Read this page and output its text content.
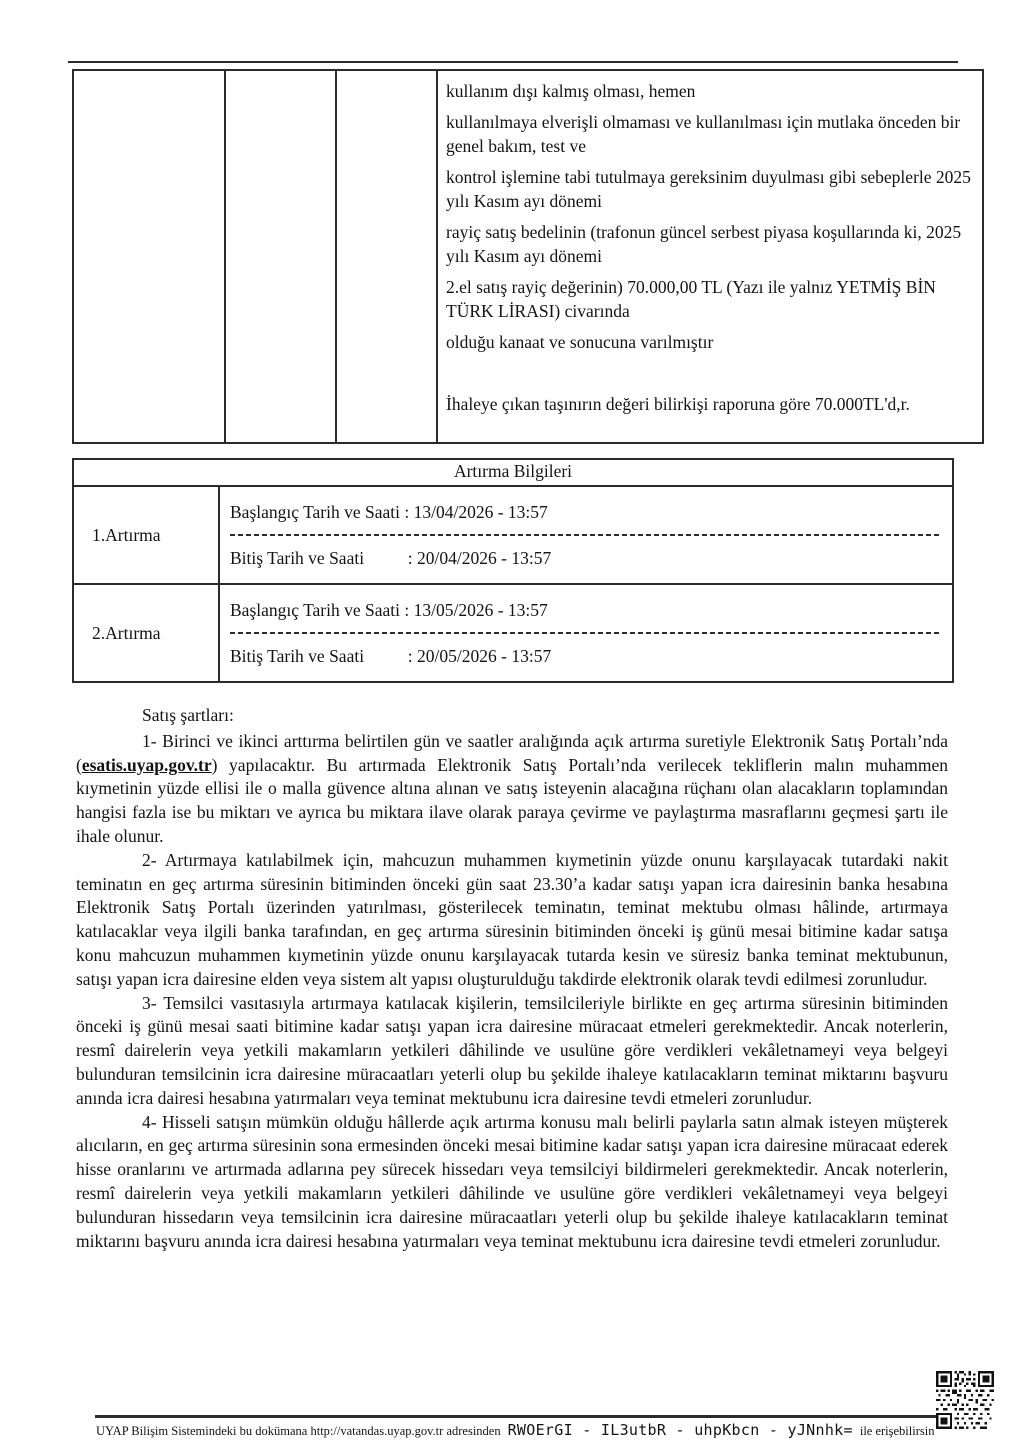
kullanım dışı kalmış olması, hemen

kullanılmaya elverişli olmaması ve kullanılması için mutlaka önceden bir genel bakım, test ve

kontrol işlemine tabi tutulmaya gereksinim duyulması gibi sebeplerle 2025 yılı Kasım ayı dönemi

rayiç satış bedelinin (trafonun güncel serbest piyasa koşullarında ki, 2025 yılı Kasım ayı dönemi

2.el satış rayiç değerinin) 70.000,00 TL (Yazı ile yalnız YETMİŞ BİN TÜRK LİRASI) civarında

olduğu kanaat ve sonucuna varılmıştır

İhaleye çıkan taşınırın değeri bilirkişi raporuna göre 70.000TL'd,r.

Artırma Bilgileri
1.Artırma
Başlangıç Tarih ve Saati : 13/04/2026 - 13:57
Bitiş Tarih ve Saati          : 20/04/2026 - 13:57
2.Artırma
Başlangıç Tarih ve Saati : 13/05/2026 - 13:57
Bitiş Tarih ve Saati          : 20/05/2026 - 13:57

Satış şartları:

1- Birinci ve ikinci arttırma belirtilen gün ve saatler aralığında açık artırma suretiyle Elektronik Satış Portalı’nda (esatis.uyap.gov.tr) yapılacaktır. Bu artırmada Elektronik Satış Portalı’nda verilecek tekliflerin malın muhammen kıymetinin yüzde ellisi ile o malla güvence altına alınan ve satış isteyenin alacağına rüçhanı olan alacakların toplamından hangisi fazla ise bu miktarı ve ayrıca bu miktara ilave olarak paraya çevirme ve paylaştırma masraflarını geçmesi şartı ile ihale olunur.

2- Artırmaya katılabilmek için, mahcuzun muhammen kıymetinin yüzde onunu karşılayacak tutardaki nakit teminatın en geç artırma süresinin bitiminden önceki gün saat 23.30’a kadar satışı yapan icra dairesinin banka hesabına Elektronik Satış Portalı üzerinden yatırılması, gösterilecek teminatın, teminat mektubu olması hâlinde, artırmaya katılacaklar veya ilgili banka tarafından, en geç artırma süresinin bitiminden önceki iş günü mesai bitimine kadar satışa konu mahcuzun muhammen kıymetinin yüzde onunu karşılayacak tutarda kesin ve süresiz banka teminat mektubunun, satışı yapan icra dairesine elden veya sistem alt yapısı oluşturulduğu takdirde elektronik olarak tevdi edilmesi zorunludur.

3- Temsilci vasıtasıyla artırmaya katılacak kişilerin, temsilcileriyle birlikte en geç artırma süresinin bitiminden önceki iş günü mesai saati bitimine kadar satışı yapan icra dairesine müracaat etmeleri gerekmektedir. Ancak noterlerin, resmî dairelerin veya yetkili makamların yetkileri dâhilinde ve usulüne göre verdikleri vekâletnameyi veya belgeyi bulunduran temsilcinin icra dairesine müracaatları yeterli olup bu şekilde ihaleye katılacakların teminat miktarını başvuru anında icra dairesi hesabına yatırmaları veya teminat mektubunu icra dairesine tevdi etmeleri zorunludur.

4- Hisseli satışın mümkün olduğu hâllerde açık artırma konusu malı belirli paylarla satın almak isteyen müşterek alıcıların, en geç artırma süresinin sona ermesinden önceki mesai bitimine kadar satışı yapan icra dairesine müracaat ederek hisse oranlarını ve artırmada adlarına pey sürecek hissedarı veya temsilciyi bildirmeleri gerekmektedir. Ancak noterlerin, resmî dairelerin veya yetkili makamların yetkileri dâhilinde ve usulüne göre verdikleri vekâletnameyi veya belgeyi bulunduran hissedarın veya temsilcinin icra dairesine müracaatları yeterli olup bu şekilde ihaleye katılacakların teminat miktarını başvuru anında icra dairesi hesabına yatırmaları veya teminat mektubunu icra dairesine tevdi etmeleri zorunludur.

UYAP Bilişim Sistemindeki bu dokümana http://vatandas.uyap.gov.tr adresinden RWOErGI - IL3utbR - uhpKbcn - yJNnhk= ile erişebilirsin
